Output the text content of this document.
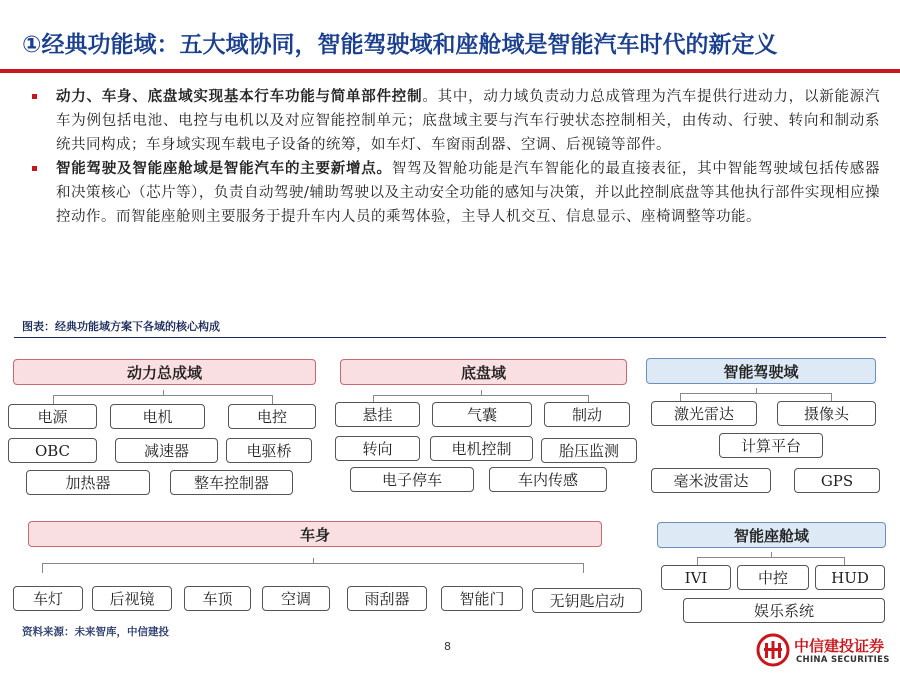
①经典功能域：五大域协同，智能驾驶域和座舱域是智能汽车时代的新定义

动力、车身、底盘域实现基本行车功能与简单部件控制。其中，动力域负责动力总成管理为汽车提供行进动力，以新能源汽车为例包括电池、电控与电机以及对应智能控制单元；底盘域主要与汽车行驶状态控制相关，由传动、行驶、转向和制动系统共同构成；车身域实现车载电子设备的统筹，如车灯、车窗雨刮器、空调、后视镜等部件。

智能驾驶及智能座舱域是智能汽车的主要新增点。智驾及智舱功能是汽车智能化的最直接表征，其中智能驾驶域包括传感器和决策核心（芯片等），负责自动驾驶/辅助驾驶以及主动安全功能的感知与决策，并以此控制底盘等其他执行部件实现相应操控动作。而智能座舱则主要服务于提升车内人员的乘驾体验，主导人机交互、信息显示、座椅调整等功能。

图表：经典功能域方案下各域的核心构成
动力总成域
电源	电机	电控
OBC	减速器	电驱桥
加热器	整车控制器
底盘域
悬挂	气囊	制动
转向	电机控制	胎压监测
电子停车	车内传感
智能驾驶域
激光雷达	摄像头
计算平台
毫米波雷达	GPS
车身
车灯	后视镜	车顶	空调	雨刮器	智能门	无钥匙启动
智能座舱域
IVI	中控	HUD
娱乐系统
资料来源：未来智库，中信建投
8	中信建投证券
CHINA SECURITIES
